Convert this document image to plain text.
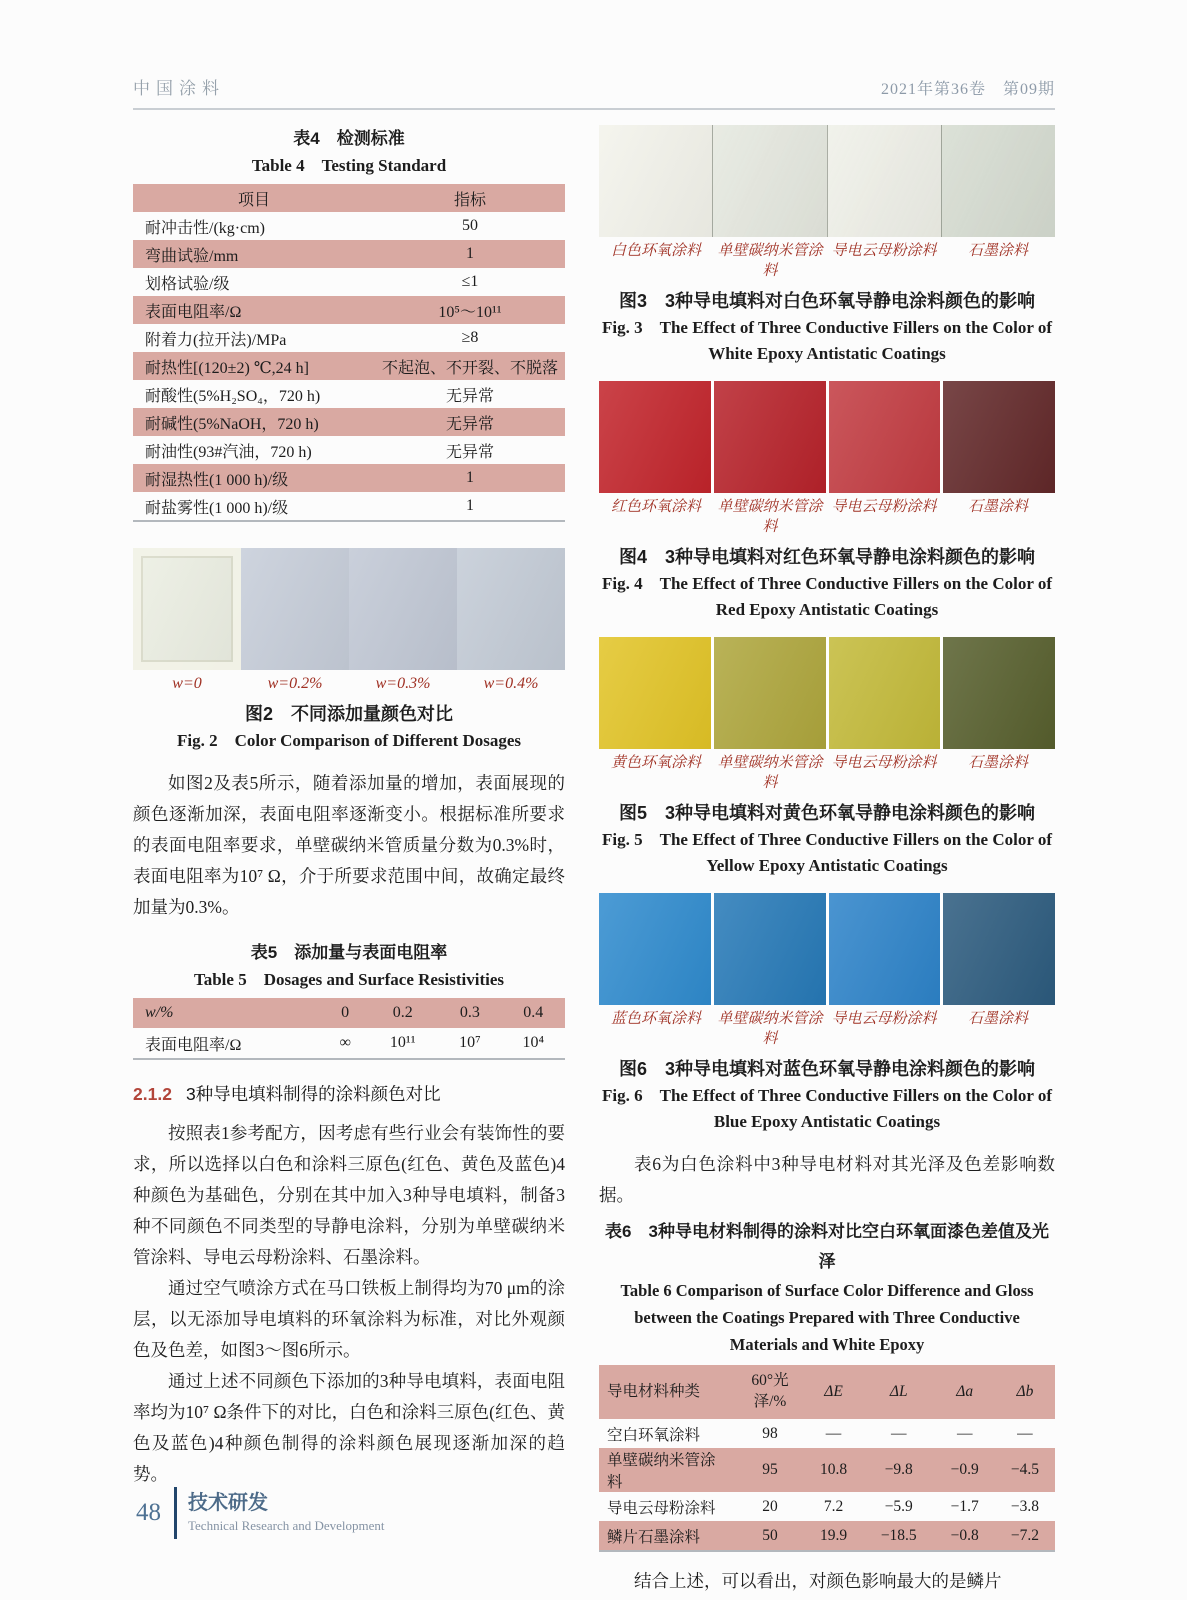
中国涂料	2021年第36卷　第09期
表4　检测标准
Table 4　Testing Standard
项目	指标
耐冲击性/(kg·cm)	50
弯曲试验/mm	1
划格试验/级	≤1
表面电阻率/Ω	10⁵～10¹¹
附着力(拉开法)/MPa	≥8
耐热性[(120±2) ℃,24 h]	不起泡、不开裂、不脱落
耐酸性(5%H₂SO₄，720 h)	无异常
耐碱性(5%NaOH，720 h)	无异常
耐油性(93#汽油，720 h)	无异常
耐湿热性(1 000 h)/级	1
耐盐雾性(1 000 h)/级	1
w=0	w=0.2%	w=0.3%	w=0.4%
图2　不同添加量颜色对比
Fig. 2　Color Comparison of Different Dosages

如图2及表5所示，随着添加量的增加，表面展现的颜色逐渐加深，表面电阻率逐渐变小。根据标准所要求的表面电阻率要求，单壁碳纳米管质量分数为0.3%时，表面电阻率为10⁷ Ω，介于所要求范围中间，故确定最终加量为0.3%。

表5　添加量与表面电阻率
Table 5　Dosages and Surface Resistivities
w/%	0	0.2	0.3	0.4
表面电阻率/Ω	∞	10¹¹	10⁷	10⁴
2.1.2 3种导电填料制得的涂料颜色对比

按照表1参考配方，因考虑有些行业会有装饰性的要求，所以选择以白色和涂料三原色(红色、黄色及蓝色)4种颜色为基础色，分别在其中加入3种导电填料，制备3种不同颜色不同类型的导静电涂料，分别为单壁碳纳米管涂料、导电云母粉涂料、石墨涂料。

通过空气喷涂方式在马口铁板上制得均为70 μm的涂层，以无添加导电填料的环氧涂料为标准，对比外观颜色及色差，如图3～图6所示。

通过上述不同颜色下添加的3种导电填料，表面电阻率均为10⁷ Ω条件下的对比，白色和涂料三原色(红色、黄色及蓝色)4种颜色制得的涂料颜色展现逐渐加深的趋势。

白色环氧涂料	单壁碳纳米管涂料
导电云母粉涂料	石墨涂料
图3　3种导电填料对白色环氧导静电涂料颜色的影响
Fig. 3　The Effect of Three Conductive Fillers on the Color of White Epoxy Antistatic Coatings
红色环氧涂料	单壁碳纳米管涂料
导电云母粉涂料	石墨涂料
图4　3种导电填料对红色环氧导静电涂料颜色的影响
Fig. 4　The Effect of Three Conductive Fillers on the Color of Red Epoxy Antistatic Coatings
黄色环氧涂料	单壁碳纳米管涂料
导电云母粉涂料	石墨涂料
图5　3种导电填料对黄色环氧导静电涂料颜色的影响
Fig. 5　The Effect of Three Conductive Fillers on the Color of Yellow Epoxy Antistatic Coatings
蓝色环氧涂料	单壁碳纳米管涂料
导电云母粉涂料	石墨涂料
图6　3种导电填料对蓝色环氧导静电涂料颜色的影响
Fig. 6　The Effect of Three Conductive Fillers on the Color of Blue Epoxy Antistatic Coatings

表6为白色涂料中3种导电材料对其光泽及色差影响数据。

表6　3种导电材料制得的涂料对比空白环氧面漆色差值及光泽
Table 6 Comparison of Surface Color Difference and Gloss between the Coatings Prepared with Three Conductive Materials and White Epoxy
导电材料种类	60°光泽/%	ΔE	ΔL	Δa	Δb
空白环氧涂料	98	—	—	—	—
单壁碳纳米管涂料	95	10.8	−9.8	−0.9	−4.5
导电云母粉涂料	20	7.2	−5.9	−1.7	−3.8
鳞片石墨涂料	50	19.9	−18.5	−0.8	−7.2

结合上述，可以看出，对颜色影响最大的是鳞片

48 技术研发
Technical Research and Development
